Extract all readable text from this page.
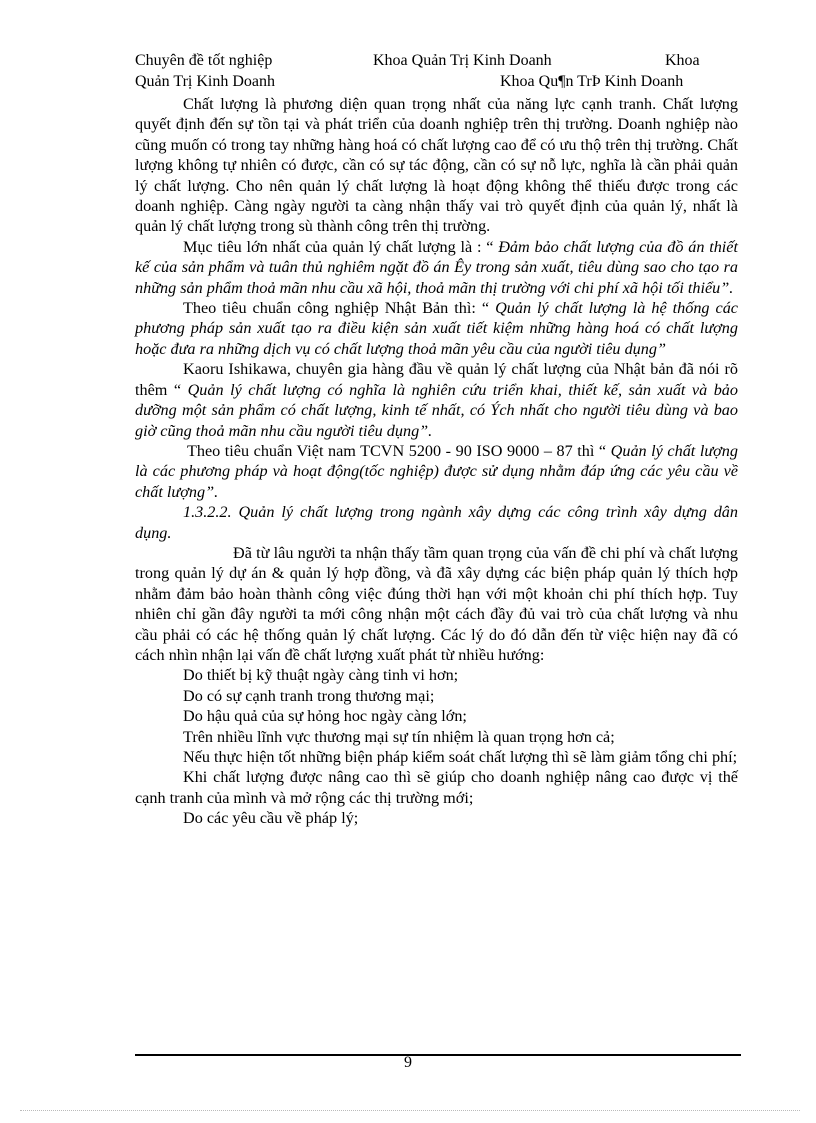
Chuyên đề tốt nghiệp	Khoa Quản Trị Kinh Doanh	Khoa
Quản Trị Kinh Doanh	Khoa Qu¶n TrÞ Kinh Doanh

Chất lượng là phương diện quan trọng nhất của năng lực cạnh tranh. Chất lượng quyết định đến sự tồn tại và phát triển của doanh nghiệp trên thị trường. Doanh nghiệp nào cũng muốn có trong tay những hàng hoá có chất lượng cao để có ưu thộ trên thị trường. Chất lượng không tự nhiên có được, cần có sự tác động, cần có sự nỗ lực, nghĩa là cần phải quản lý chất lượng. Cho nên quản lý chất lượng là hoạt động không thể thiếu được trong các doanh nghiệp. Càng ngày người ta càng nhận thấy vai trò quyết định của quản lý, nhất là quản lý chất lượng trong sù thành công trên thị trường.

Mục tiêu lớn nhất của quản lý chất lượng là : “ Đảm bảo chất lượng của đồ án thiết kế của sản phẩm và tuân thủ nghiêm ngặt đồ án Êy trong sản xuất, tiêu dùng sao cho tạo ra những sản phẩm thoả mãn nhu cầu xã hội, thoả mãn thị trường với chi phí xã hội tối thiểu”.

Theo tiêu chuẩn công nghiệp Nhật Bản thì: “ Quản lý chất lượng là hệ thống các phương pháp sản xuất tạo ra điều kiện sản xuất tiết kiệm những hàng hoá có chất lượng hoặc đưa ra những dịch vụ có chất lượng thoả mãn yêu cầu của người tiêu dụng”

Kaoru Ishikawa, chuyên gia hàng đầu về quản lý chất lượng của Nhật bản đã nói rõ thêm “ Quản lý chất lượng có nghĩa là nghiên cứu triển khai, thiết kế, sản xuất và bảo dưỡng một sản phẩm có chất lượng, kinh tế nhất, có Ých nhất cho người tiêu dùng và bao giờ cũng thoả mãn nhu cầu người tiêu dụng”.

Theo tiêu chuẩn Việt nam TCVN 5200 - 90 ISO 9000 – 87 thì “ Quản lý chất lượng là các phương pháp và hoạt động(tốc nghiệp) được sử dụng nhằm đáp ứng các yêu cầu về chất lượng”.

1.3.2.2. Quản lý chất lượng trong ngành xây dựng các công trình xây dựng dân dụng.

Đã từ lâu người ta nhận thấy tầm quan trọng của vấn đề chi phí và chất lượng trong quản lý dự án & quản lý hợp đồng, và đã xây dựng các biện pháp quản lý thích hợp nhằm đảm bảo hoàn thành công việc đúng thời hạn với một khoản chi phí thích hợp. Tuy nhiên chỉ gần đây người ta mới công nhận một cách đầy đủ vai trò của chất lượng và nhu cầu phải có các hệ thống quản lý chất lượng. Các lý do đó dẫn đến từ việc hiện nay đã có cách nhìn nhận lại vấn đề chất lượng xuất phát từ nhiều hướng:

Do thiết bị kỹ thuật ngày càng tinh vi hơn;

Do có sự cạnh tranh trong thương mại;

Do hậu quả của sự hỏng hoc ngày càng lớn;

Trên nhiều lĩnh vực thương mại sự tín nhiệm là quan trọng hơn cả;

Nếu thực hiện tốt những biện pháp kiểm soát chất lượng thì sẽ làm giảm tổng chi phí;

Khi chất lượng được nâng cao thì sẽ giúp cho doanh nghiệp nâng cao được vị thế cạnh tranh của mình và mở rộng các thị trường mới;

Do các yêu cầu về pháp lý;

9
